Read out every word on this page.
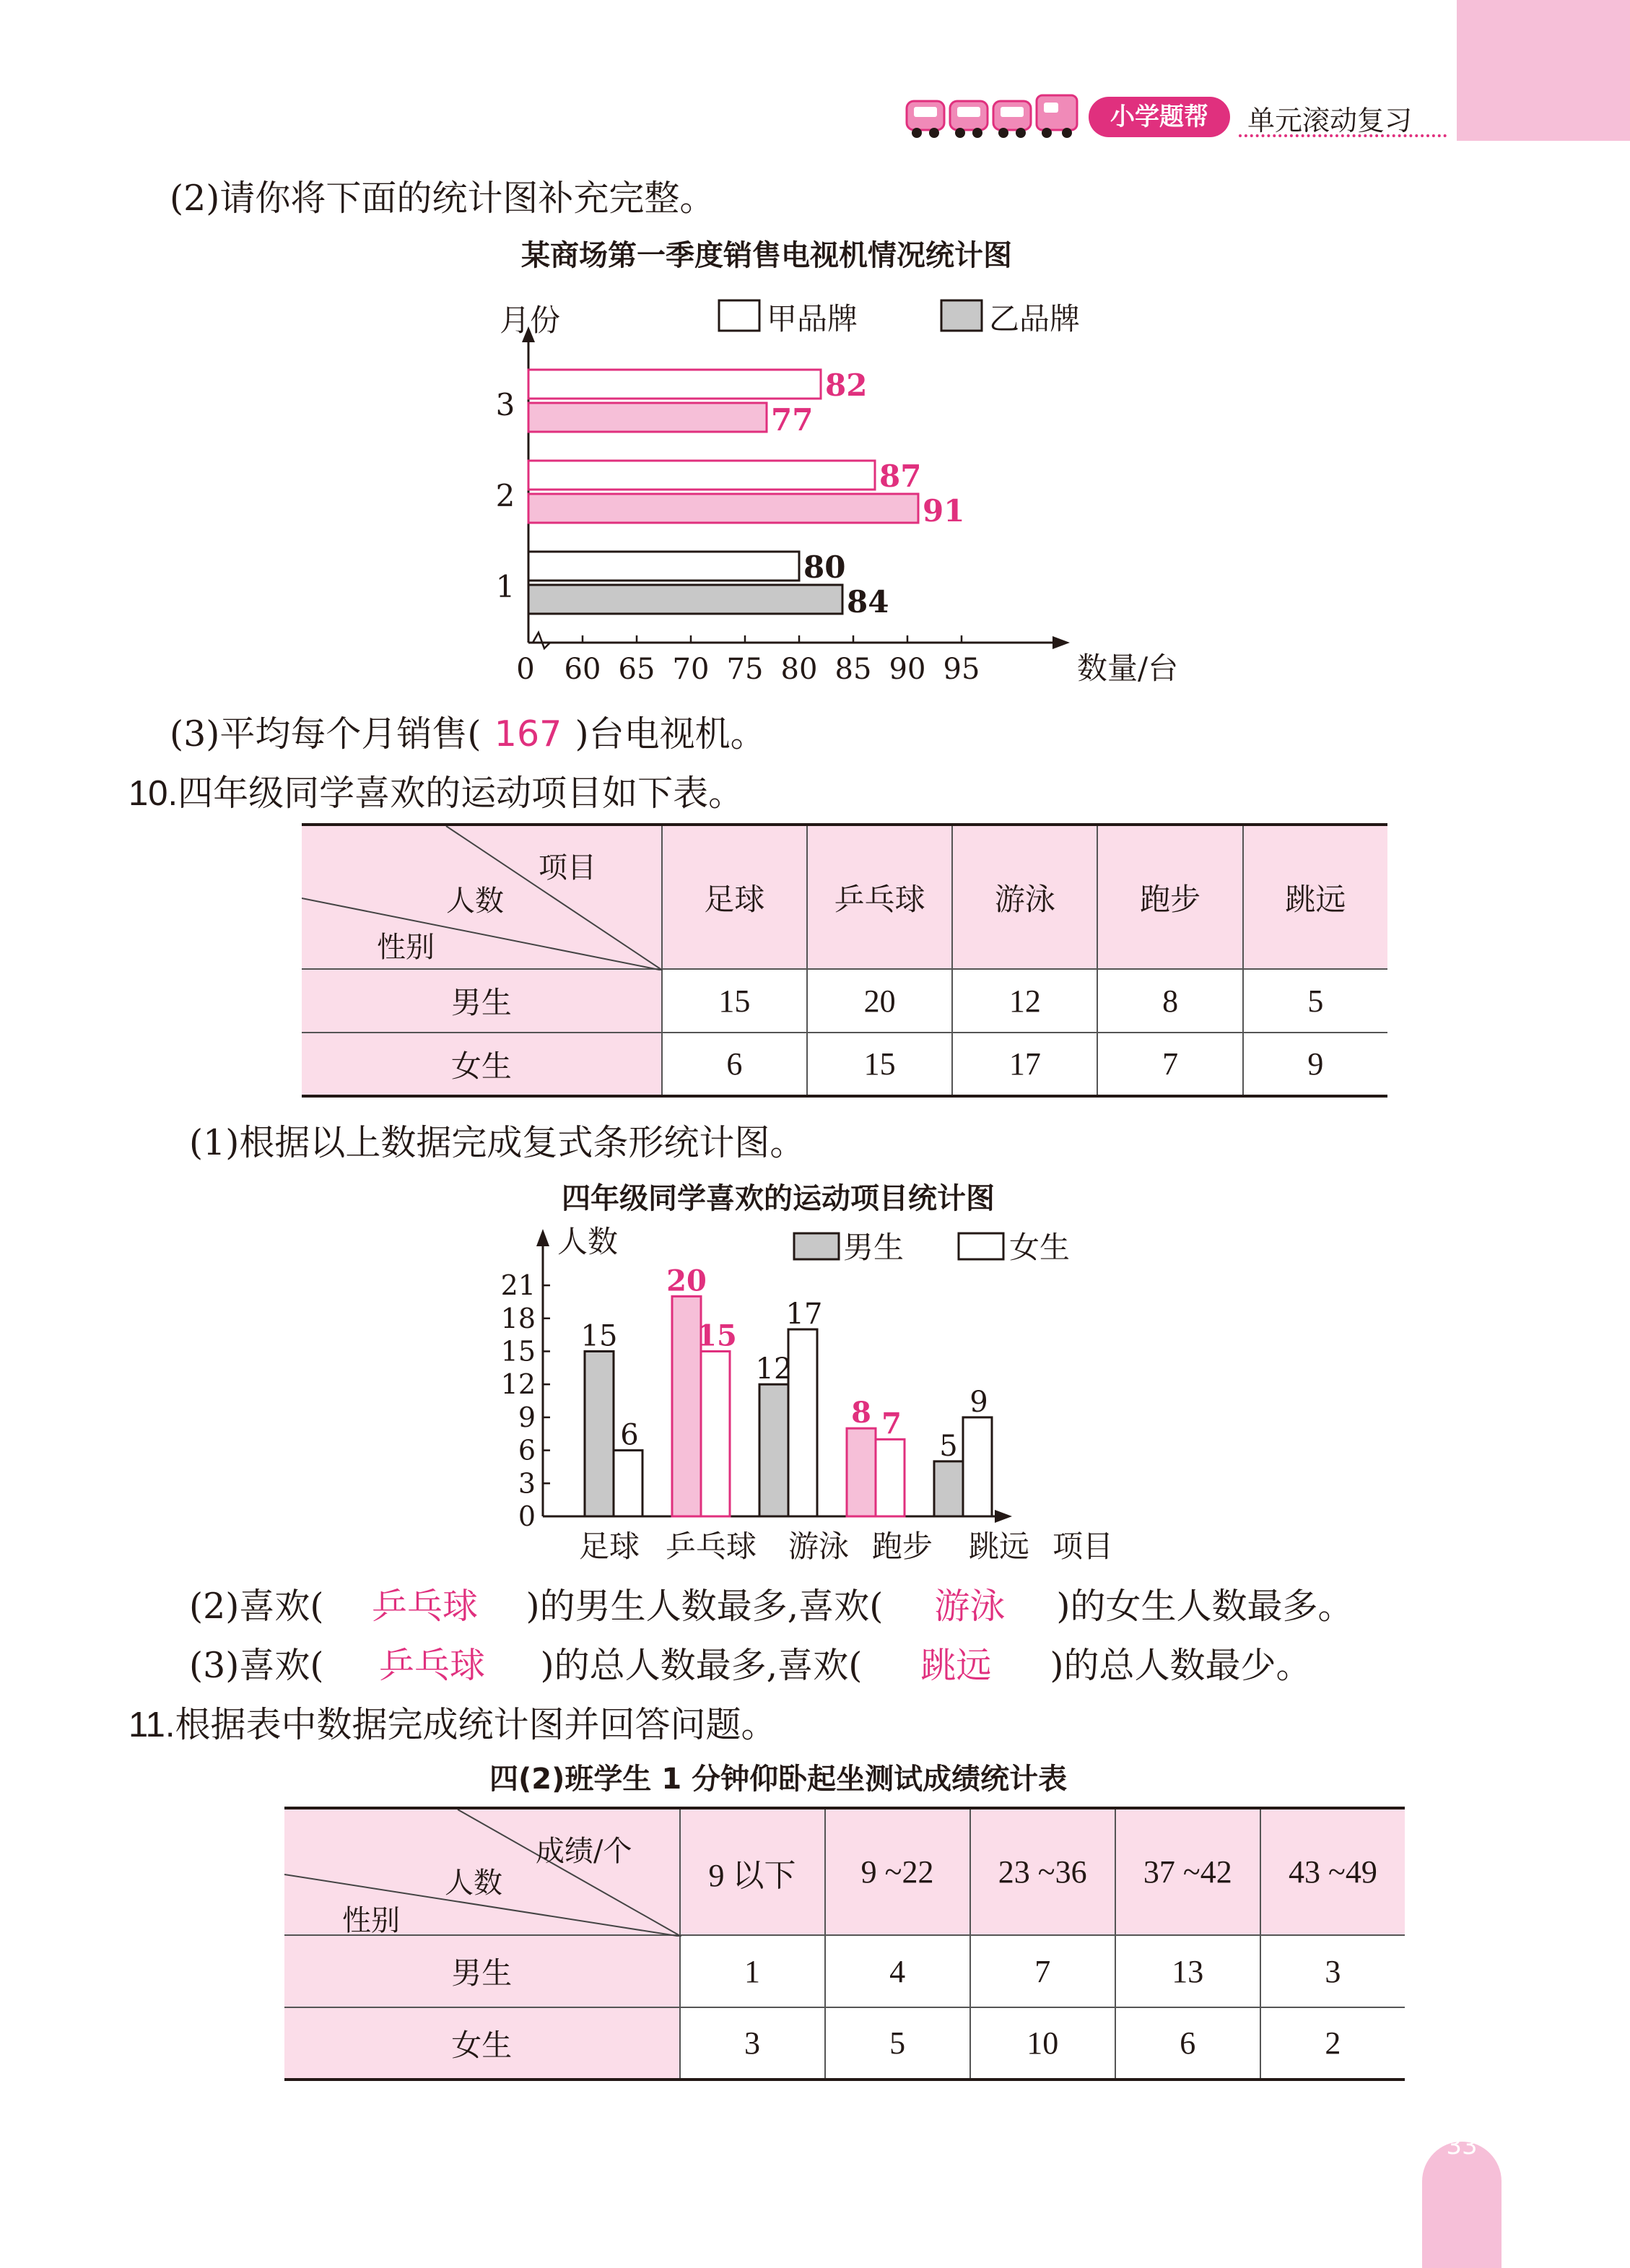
小学题帮	单元滚动复习
(2)请你将下面的统计图补充完整。
某商场第一季度销售电视机情况统计图
0 60 65 70 75 80 85 90 95	数量/台
月份	甲品牌	乙品牌
1
80
84
2
87
91
3
82
77
(3)平均每个月销售( 167 )台电视机。
10.四年级同学喜欢的运动项目如下表。
项目
人数
性别	足球	乒乓球	游泳	跑步	跳远
男生	15	20	12	8	5
女生	6	15	17	7	9
(1)根据以上数据完成复式条形统计图。
四年级同学喜欢的运动项目统计图
人数
项目
0
3
6
9
12
15
18
21
男生	女生
15
6
足球
20
15
乒乓球
12
17
游泳
8 7
跑步
5
9
跳远
(2)喜欢( 乒乓球 )的男生人数最多,喜欢( 游泳 )的女生人数最多。
(3)喜欢( 乒乓球 )的总人数最多,喜欢( 跳远 )的总人数最少。
11.根据表中数据完成统计图并回答问题。
四(2)班学生 1 分钟仰卧起坐测试成绩统计表
成绩/个
人数
性别	9 以下	9 ~22	23 ~36	37 ~42	43 ~49
男生	1	4	7	13	3
女生	3	5	10	6	2
33
